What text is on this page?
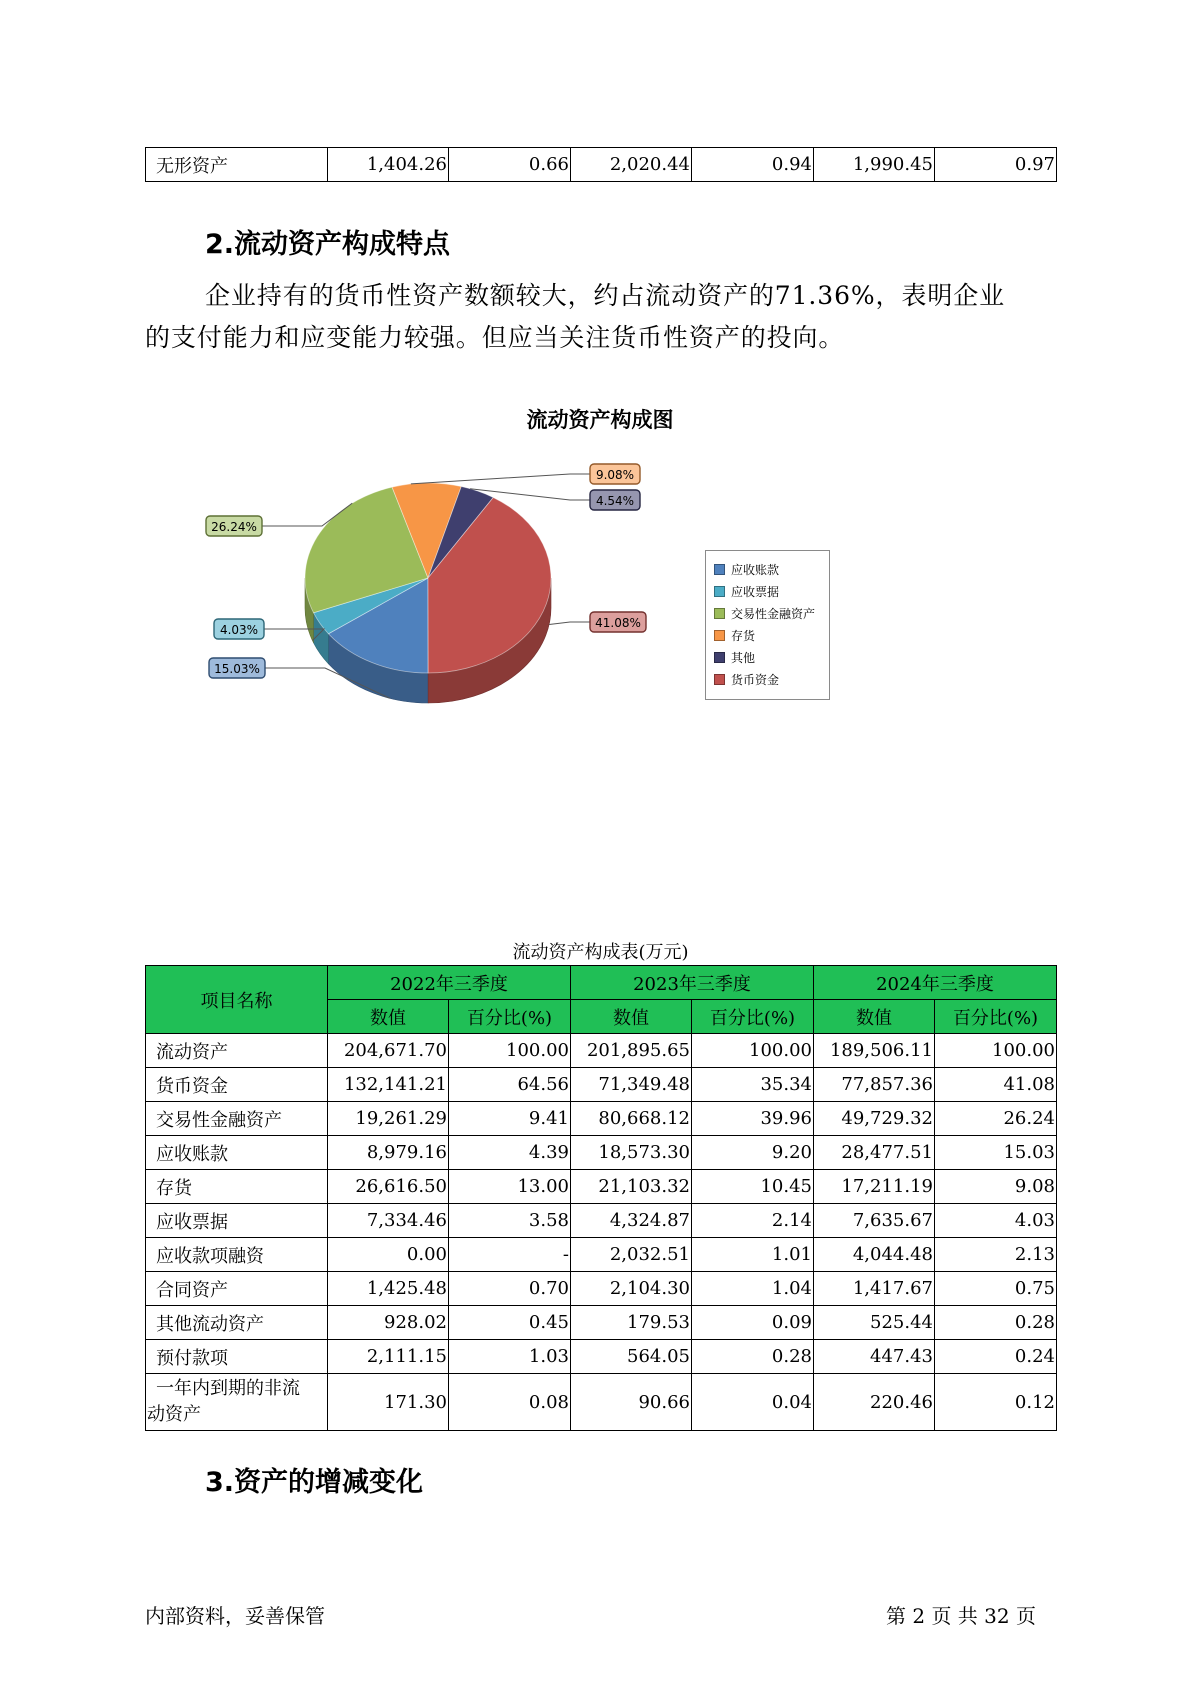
无形资产	1,404.26	0.66	2,020.44	0.94	1,990.45	0.97
2.流动资产构成特点
企业持有的货币性资产数额较大，约占流动资产的71.36%，表明企业
的支付能力和应变能力较强。但应当关注货币性资产的投向。
流动资产构成图
15.03%
4.03%
26.24%
9.08%
4.54%
41.08%
应收账款
应收票据
交易性金融资产
存货
其他
货币资金
流动资产构成表(万元)
项目名称	2022年三季度		2023年三季度		2024年三季度	
	数值	百分比(%)	数值	百分比(%)	数值	百分比(%)
流动资产	204,671.70	100.00	201,895.65	100.00	189,506.11	100.00
货币资金	132,141.21	64.56	71,349.48	35.34	77,857.36	41.08
交易性金融资产	19,261.29	9.41	80,668.12	39.96	49,729.32	26.24
应收账款	8,979.16	4.39	18,573.30	9.20	28,477.51	15.03
存货	26,616.50	13.00	21,103.32	10.45	17,211.19	9.08
应收票据	7,334.46	3.58	4,324.87	2.14	7,635.67	4.03
应收款项融资	0.00	-	2,032.51	1.01	4,044.48	2.13
合同资产	1,425.48	0.70	2,104.30	1.04	1,417.67	0.75
其他流动资产	928.02	0.45	179.53	0.09	525.44	0.28
预付款项	2,111.15	1.03	564.05	0.28	447.43	0.24

一年内到期的非流
动资产	171.30	0.08	90.66	0.04	220.46	0.12
3.资产的增减变化
内部资料，妥善保管	第 2 页 共 32 页
